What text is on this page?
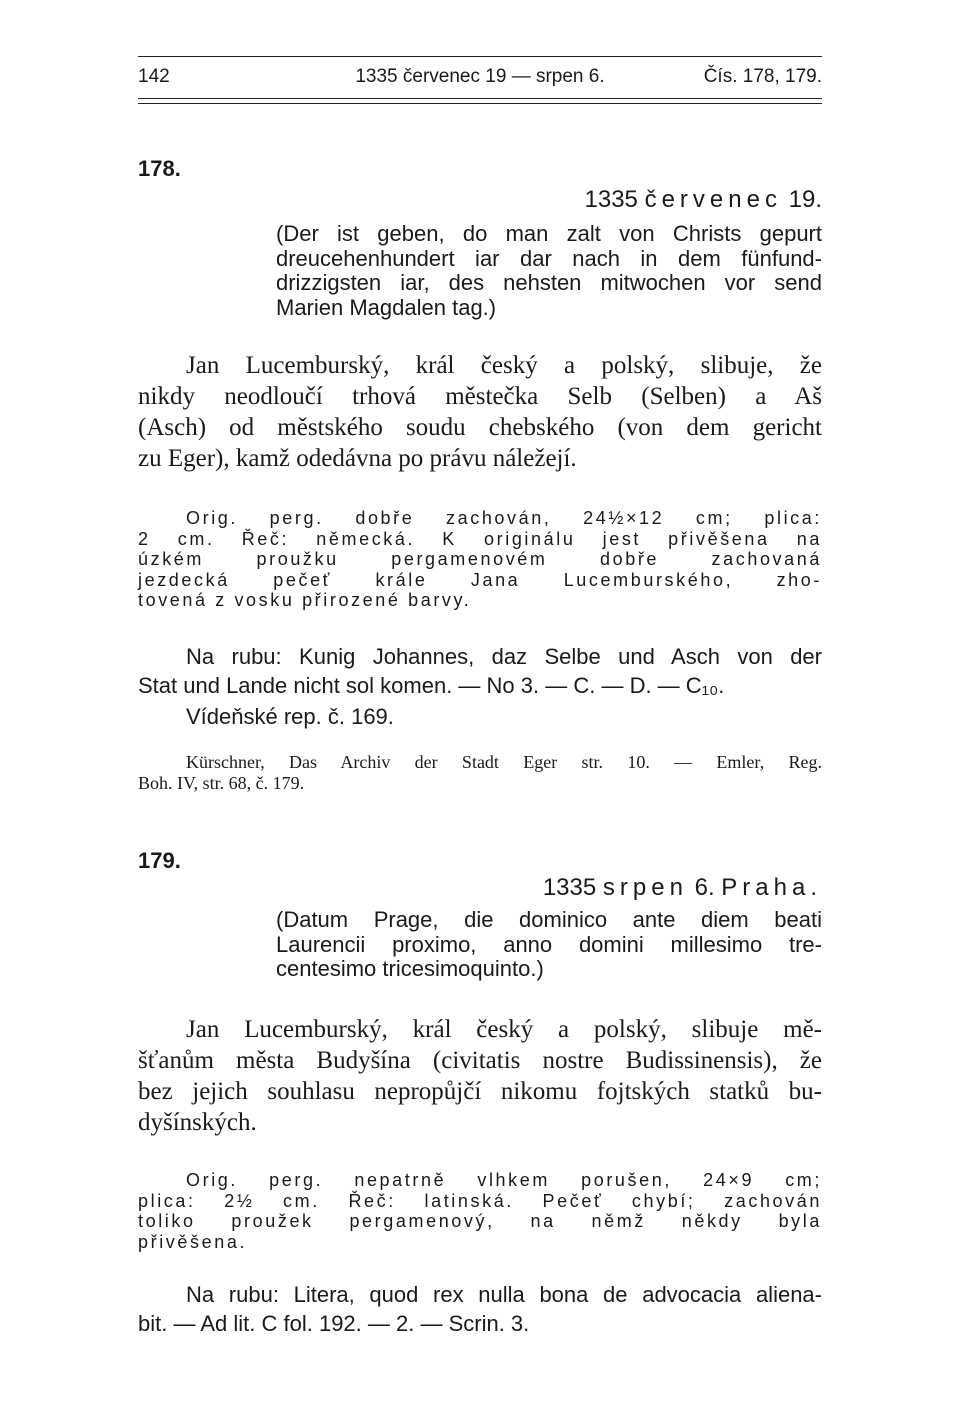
142	1335 červenec 19 — srpen 6.	Čís. 178, 179.
178.
1335 červenec 19.
(Der ist geben, do man zalt von Christs gepurt
dreucehenhundert iar dar nach in dem fünfund-
drizzigsten iar, des nehsten mitwochen vor send
Marien Magdalen tag.)
Jan Lucemburský, král český a polský, slibuje, že
nikdy neodloučí trhová městečka Selb (Selben) a Aš
(Asch) od městského soudu chebského (von dem gericht
zu Eger), kamž odedávna po právu náležejí.
Orig. perg. dobře zachován, 24½×12 cm; plica:
2 cm. Řeč: německá. K originálu jest přivěšena na
úzkém proužku pergamenovém dobře zachovaná
jezdecká pečeť krále Jana Lucemburského, zho-
tovená z vosku přirozené barvy.
Na rubu: Kunig Johannes, daz Selbe und Asch von der
Stat und Lande nicht sol komen. — No 3. — C. — D. — C₁₀.
Vídeňské rep. č. 169.
Kürschner, Das Archiv der Stadt Eger str. 10. — Emler, Reg.
Boh. IV, str. 68, č. 179.
179.
1335 srpen 6. Praha.
(Datum Prage, die dominico ante diem beati
Laurencii proximo, anno domini millesimo tre-
centesimo tricesimoquinto.)
Jan Lucemburský, král český a polský, slibuje mě-
šťanům města Budyšína (civitatis nostre Budissinensis), že
bez jejich souhlasu nepropůjčí nikomu fojtských statků bu-
dyšínských.
Orig. perg. nepatrně vlhkem porušen, 24×9 cm;
plica: 2½ cm. Řeč: latinská. Pečeť chybí; zachován
toliko proužek pergamenový, na němž někdy byla
přivěšena.
Na rubu: Litera, quod rex nulla bona de advocacia aliena-
bit. — Ad lit. C fol. 192. — 2. — Scrin. 3.
